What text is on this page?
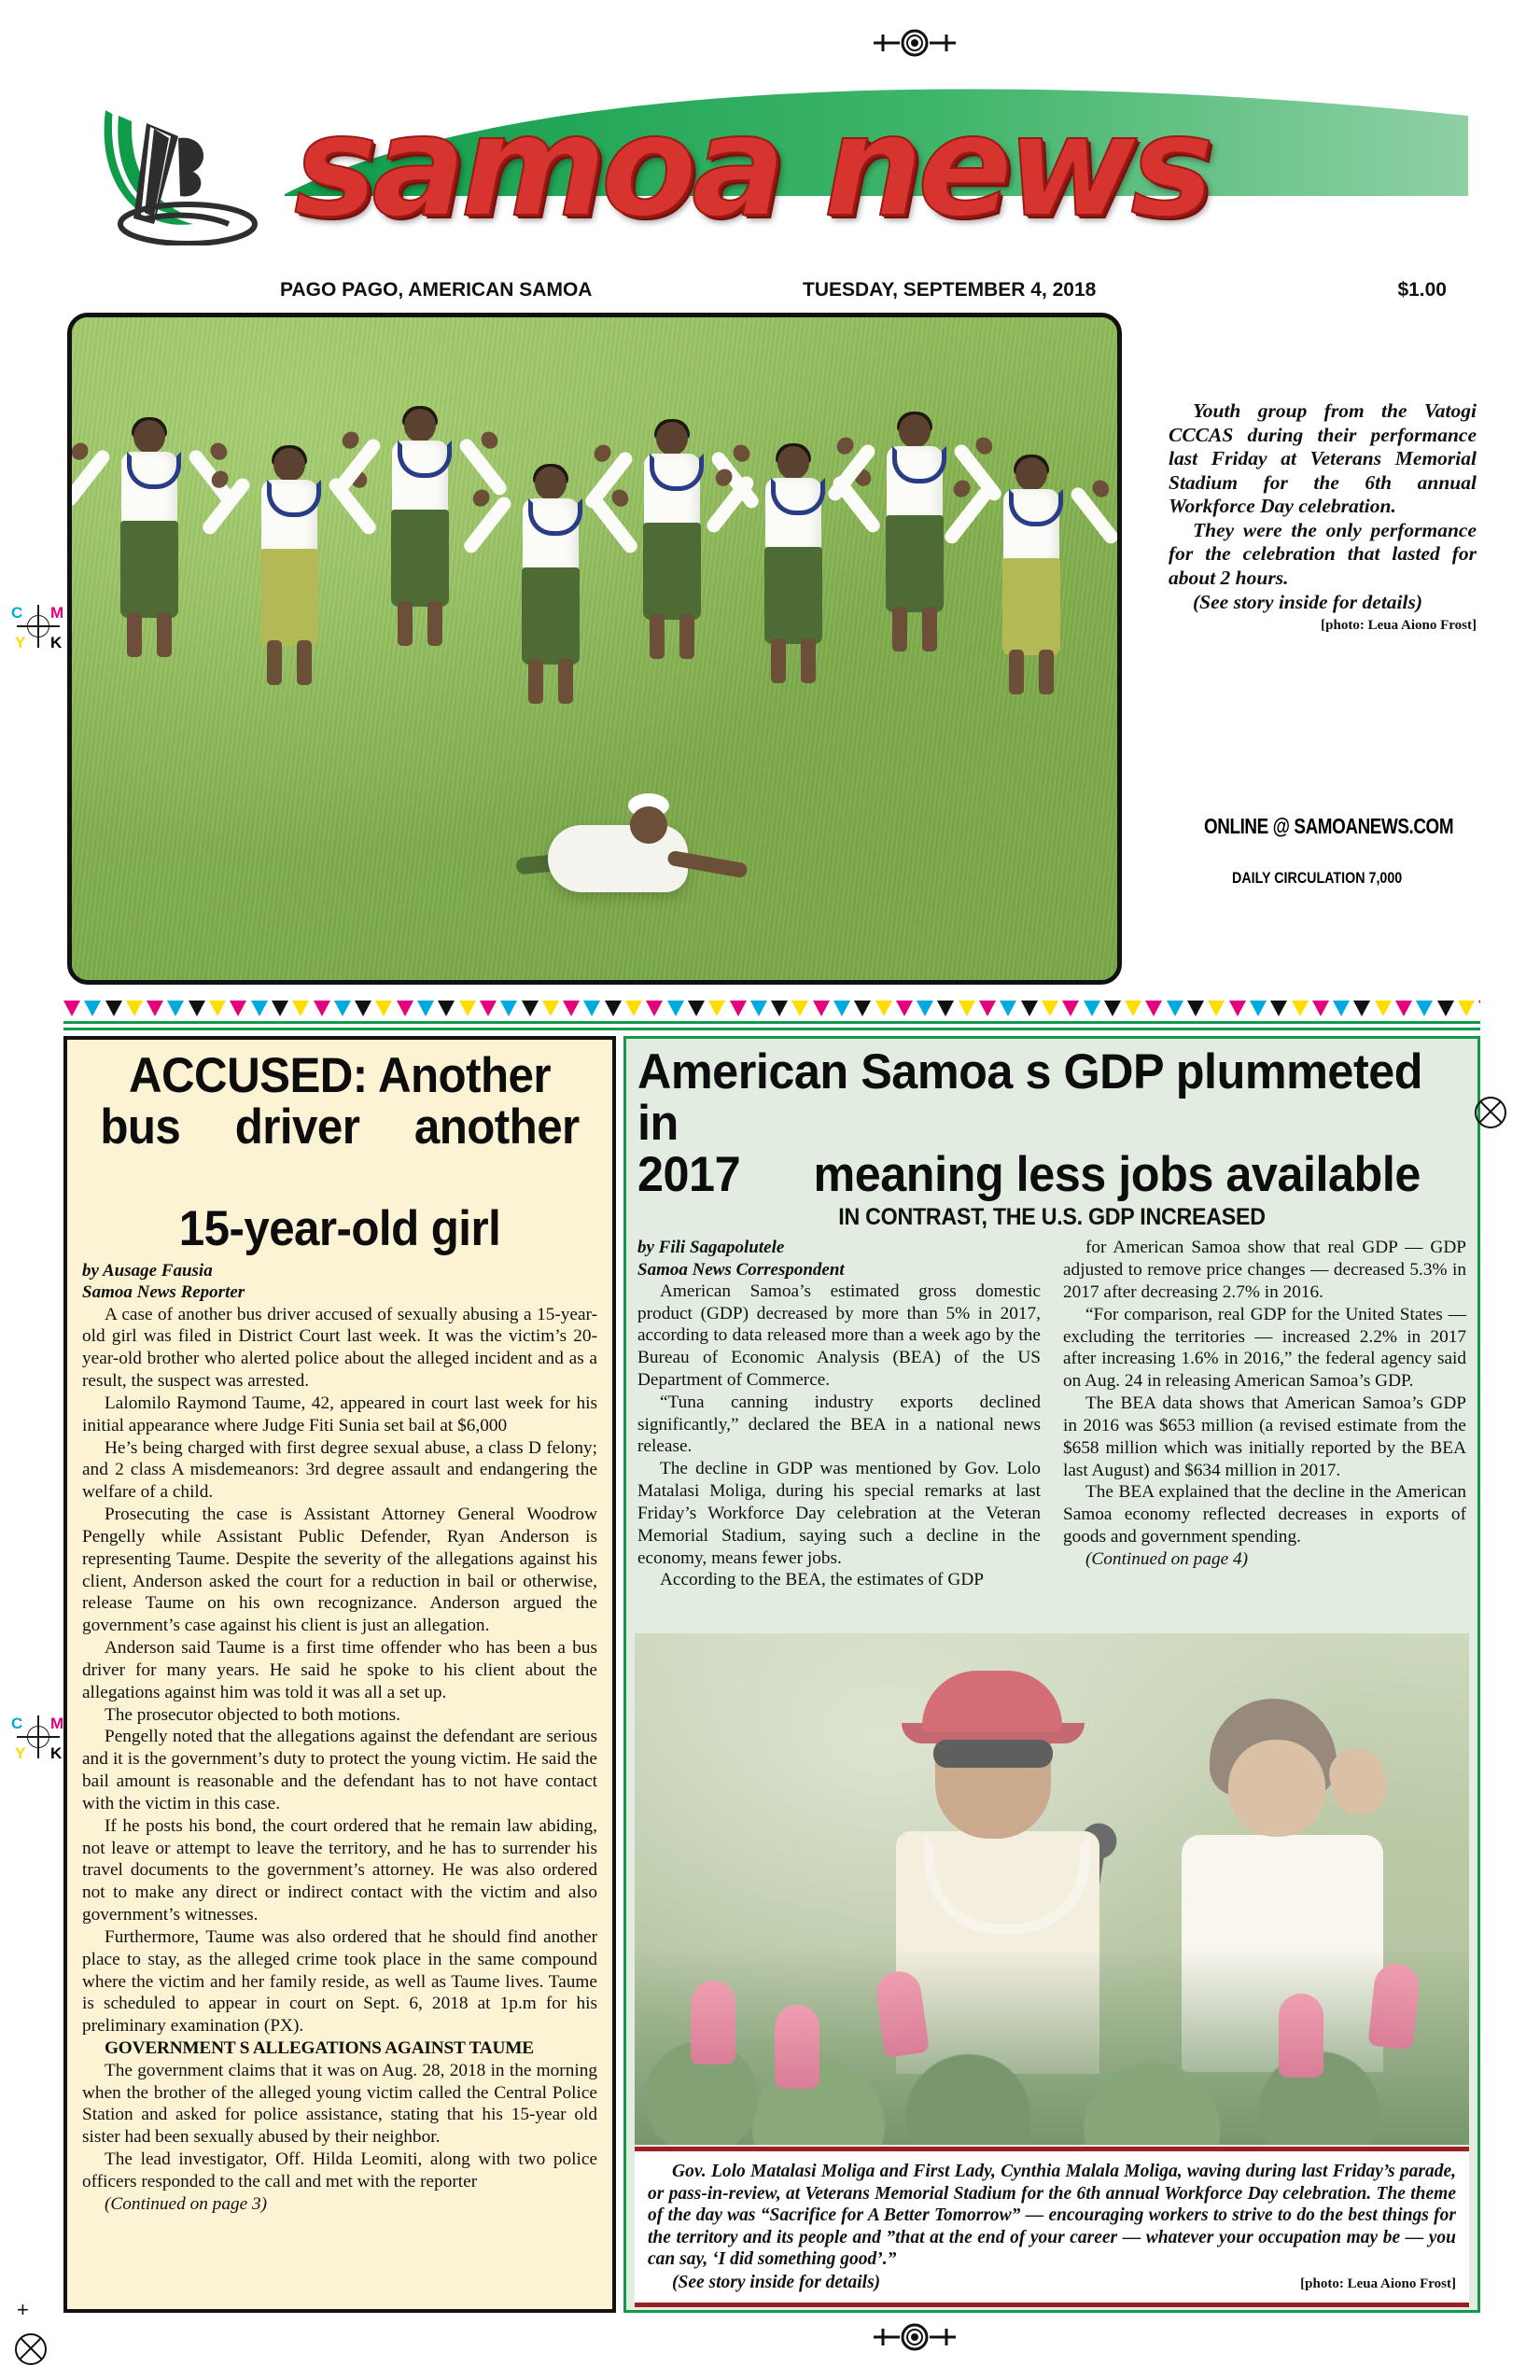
samoa news
PAGO PAGO, AMERICAN SAMOA	TUESDAY, SEPTEMBER 4, 2018	$1.00
C M
Y K
C M
Y K

Youth group from the Vatogi CCCAS during their performance last Friday at Veterans Memorial Stadium for the 6th annual Workforce Day celebration.

They were the only performance for the celebration that lasted for about 2 hours.

(See story inside for details)

[photo: Leua Aiono Frost]
ONLINE @ SAMOANEWS.COM
DAILY CIRCULATION 7,000
ACCUSED: Another
bus driver another
15-year-old girl
by Ausage Fausia
Samoa News Reporter

A case of another bus driver accused of sexually abusing a 15-year-old girl was filed in District Court last week. It was the victim’s 20-year-old brother who alerted police about the alleged incident and as a result, the suspect was arrested.

Lalomilo Raymond Taume, 42, appeared in court last week for his initial appearance where Judge Fiti Sunia set bail at $6,000

He’s being charged with first degree sexual abuse, a class D felony; and 2 class A misdemeanors: 3rd degree assault and endangering the welfare of a child.

Prosecuting the case is Assistant Attorney General Woodrow Pengelly while Assistant Public Defender, Ryan Anderson is representing Taume. Despite the severity of the allegations against his client, Anderson asked the court for a reduction in bail or otherwise, release Taume on his own recognizance. Anderson argued the government’s case against his client is just an allegation.

Anderson said Taume is a first time offender who has been a bus driver for many years. He said he spoke to his client about the allegations against him was told it was all a set up.

The prosecutor objected to both motions.

Pengelly noted that the allegations against the defendant are serious and it is the government’s duty to protect the young victim. He said the bail amount is reasonable and the defendant has to not have contact with the victim in this case.

If he posts his bond, the court ordered that he remain law abiding, not leave or attempt to leave the territory, and he has to surrender his travel documents to the government’s attorney. He was also ordered not to make any direct or indirect contact with the victim and also government’s witnesses.

Furthermore, Taume was also ordered that he should find another place to stay, as the alleged crime took place in the same compound where the victim and her family reside, as well as Taume lives. Taume is scheduled to appear in court on Sept. 6, 2018 at 1p.m for his preliminary examination (PX).

GOVERNMENT S ALLEGATIONS AGAINST TAUME

The government claims that it was on Aug. 28, 2018 in the morning when the brother of the alleged young victim called the Central Police Station and asked for police assistance, stating that his 15-year old sister had been sexually abused by their neighbor.

The lead investigator, Off. Hilda Leomiti, along with two police officers responded to the call and met with the reporter

(Continued on page 3)

American Samoa s GDP plummeted in
2017 meaning less jobs available
IN CONTRAST, THE U.S. GDP INCREASED
by Fili Sagapolutele
Samoa News Correspondent

American Samoa’s estimated gross domestic product (GDP) decreased by more than 5% in 2017, according to data released more than a week ago by the Bureau of Economic Analysis (BEA) of the US Department of Commerce.

“Tuna canning industry exports declined significantly,” declared the BEA in a national news release.

The decline in GDP was mentioned by Gov. Lolo Matalasi Moliga, during his special remarks at last Friday’s Workforce Day celebration at the Veteran Memorial Stadium, saying such a decline in the economy, means fewer jobs.

According to the BEA, the estimates of GDP

for American Samoa show that real GDP — GDP adjusted to remove price changes — decreased 5.3% in 2017 after decreasing 2.7% in 2016.

“For comparison, real GDP for the United States — excluding the territories — increased 2.2% in 2017 after increasing 1.6% in 2016,” the federal agency said on Aug. 24 in releasing American Samoa’s GDP.

The BEA data shows that American Samoa’s GDP in 2016 was $653 million (a revised estimate from the $658 million which was initially reported by the BEA last August) and $634 million in 2017.

The BEA explained that the decline in the American Samoa economy reflected decreases in exports of goods and government spending.

(Continued on page 4)

Gov. Lolo Matalasi Moliga and First Lady, Cynthia Malala Moliga, waving during last Friday’s parade, or pass-in-review, at Veterans Memorial Stadium for the 6th annual Workforce Day celebration. The theme of the day was “Sacrifice for A Better Tomorrow” — encouraging workers to strive to do the best things for the territory and its people and ”that at the end of your career — whatever your occupation may be — you can say, ‘I did something good’.”

(See story inside for details)	[photo: Leua Aiono Frost]
+
